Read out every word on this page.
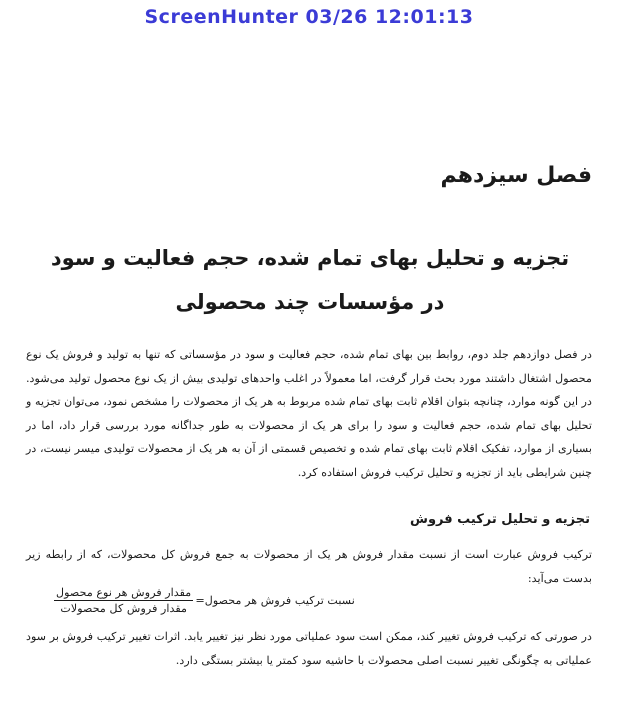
ScreenHunter 03/26 12:01:13
فصل سیزدهم
تجزیه و تحلیل بهای تمام شده، حجم فعالیت و سود
در مؤسسات چند محصولی
در فصل دوازدهم جلد دوم، روابط بین بهای تمام شده، حجم فعالیت و سود در مؤسساتی که تنها به تولید و فروش یک نوع محصول اشتغال داشتند مورد بحث قرار گرفت، اما معمولاً در اغلب واحدهای تولیدی بیش از یک نوع محصول تولید می‌شود. در این گونه موارد، چنانچه بتوان اقلام ثابت بهای تمام شده مربوط به هر یک از محصولات را مشخص نمود، می‌توان تجزیه و تحلیل بهای تمام شده، حجم فعالیت و سود را برای هر یک از محصولات به طور جداگانه مورد بررسی قرار داد، اما در بسیاری از موارد، تفکیک اقلام ثابت بهای تمام شده و تخصیص قسمتی از آن به هر یک از محصولات تولیدی میسر نیست، در چنین شرایطی باید از تجزیه و تحلیل ترکیب فروش استفاده کرد.
تجزیه و تحلیل ترکیب فروش
ترکیب فروش عبارت است از نسبت مقدار فروش هر یک از محصولات به جمع فروش کل محصولات، که از رابطه زیر بدست می‌آید:
نسبت ترکیب فروش هر محصول
=
$\frac{\text{مقدار فروش هر نوع محصول}}{\text{مقدار فروش کل محصولات}}$
در صورتی که ترکیب فروش تغییر کند، ممکن است سود عملیاتی مورد نظر نیز تغییر یابد. اثرات تغییر ترکیب فروش بر سود عملیاتی به چگونگی تغییر نسبت اصلی محصولات با حاشیه سود کمتر یا بیشتر بستگی دارد.
